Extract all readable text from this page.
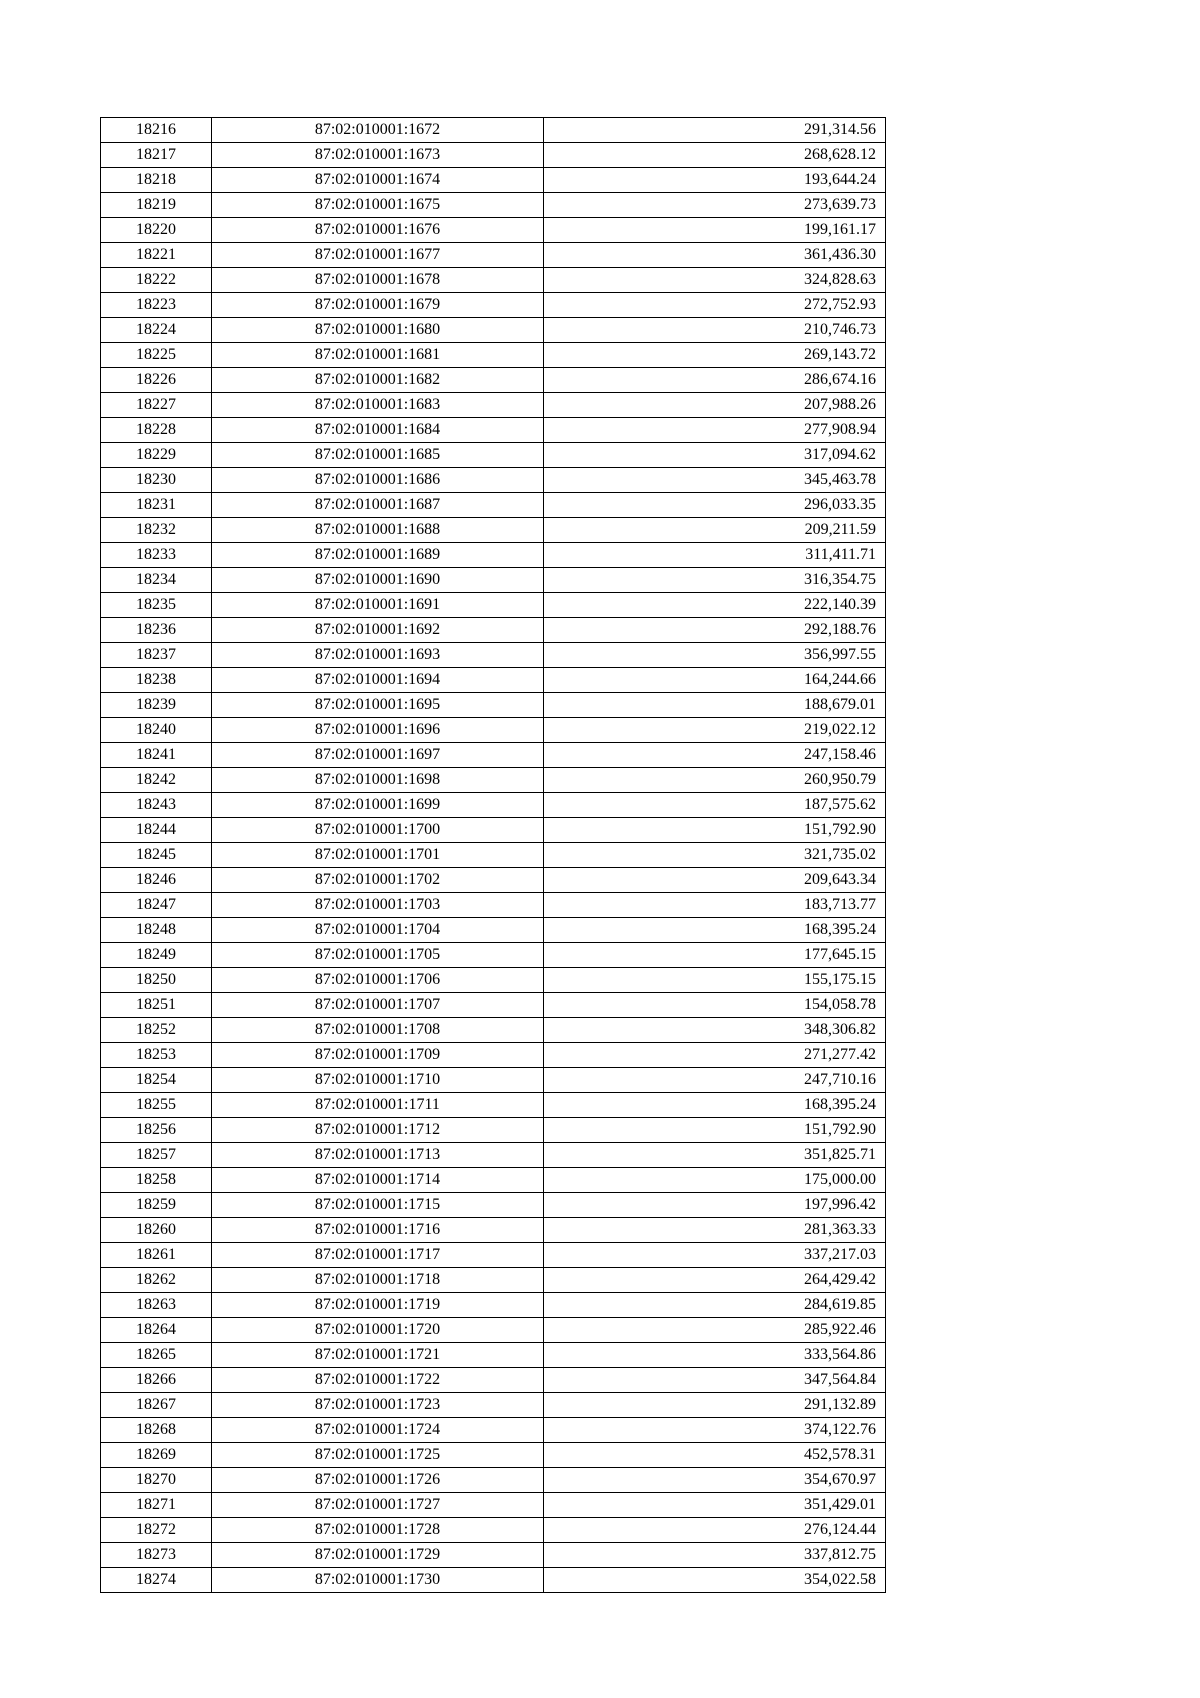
18216	87:02:010001:1672	291,314.56
18217	87:02:010001:1673	268,628.12
18218	87:02:010001:1674	193,644.24
18219	87:02:010001:1675	273,639.73
18220	87:02:010001:1676	199,161.17
18221	87:02:010001:1677	361,436.30
18222	87:02:010001:1678	324,828.63
18223	87:02:010001:1679	272,752.93
18224	87:02:010001:1680	210,746.73
18225	87:02:010001:1681	269,143.72
18226	87:02:010001:1682	286,674.16
18227	87:02:010001:1683	207,988.26
18228	87:02:010001:1684	277,908.94
18229	87:02:010001:1685	317,094.62
18230	87:02:010001:1686	345,463.78
18231	87:02:010001:1687	296,033.35
18232	87:02:010001:1688	209,211.59
18233	87:02:010001:1689	311,411.71
18234	87:02:010001:1690	316,354.75
18235	87:02:010001:1691	222,140.39
18236	87:02:010001:1692	292,188.76
18237	87:02:010001:1693	356,997.55
18238	87:02:010001:1694	164,244.66
18239	87:02:010001:1695	188,679.01
18240	87:02:010001:1696	219,022.12
18241	87:02:010001:1697	247,158.46
18242	87:02:010001:1698	260,950.79
18243	87:02:010001:1699	187,575.62
18244	87:02:010001:1700	151,792.90
18245	87:02:010001:1701	321,735.02
18246	87:02:010001:1702	209,643.34
18247	87:02:010001:1703	183,713.77
18248	87:02:010001:1704	168,395.24
18249	87:02:010001:1705	177,645.15
18250	87:02:010001:1706	155,175.15
18251	87:02:010001:1707	154,058.78
18252	87:02:010001:1708	348,306.82
18253	87:02:010001:1709	271,277.42
18254	87:02:010001:1710	247,710.16
18255	87:02:010001:1711	168,395.24
18256	87:02:010001:1712	151,792.90
18257	87:02:010001:1713	351,825.71
18258	87:02:010001:1714	175,000.00
18259	87:02:010001:1715	197,996.42
18260	87:02:010001:1716	281,363.33
18261	87:02:010001:1717	337,217.03
18262	87:02:010001:1718	264,429.42
18263	87:02:010001:1719	284,619.85
18264	87:02:010001:1720	285,922.46
18265	87:02:010001:1721	333,564.86
18266	87:02:010001:1722	347,564.84
18267	87:02:010001:1723	291,132.89
18268	87:02:010001:1724	374,122.76
18269	87:02:010001:1725	452,578.31
18270	87:02:010001:1726	354,670.97
18271	87:02:010001:1727	351,429.01
18272	87:02:010001:1728	276,124.44
18273	87:02:010001:1729	337,812.75
18274	87:02:010001:1730	354,022.58
